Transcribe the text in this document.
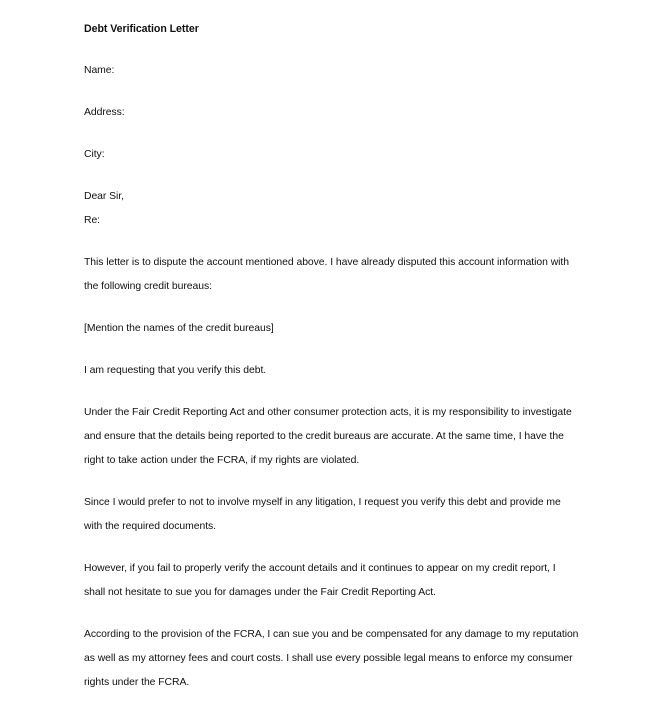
Debt Verification Letter
Name:
Address:
City:
Dear Sir,
Re:
This letter is to dispute the account mentioned above. I have already disputed this account information with
the following credit bureaus:
[Mention the names of the credit bureaus]
I am requesting that you verify this debt.
Under the Fair Credit Reporting Act and other consumer protection acts, it is my responsibility to investigate
and ensure that the details being reported to the credit bureaus are accurate. At the same time, I have the
right to take action under the FCRA, if my rights are violated.
Since I would prefer to not to involve myself in any litigation, I request you verify this debt and provide me
with the required documents.
However, if you fail to properly verify the account details and it continues to appear on my credit report, I
shall not hesitate to sue you for damages under the Fair Credit Reporting Act.
According to the provision of the FCRA, I can sue you and be compensated for any damage to my reputation
as well as my attorney fees and court costs. I shall use every possible legal means to enforce my consumer
rights under the FCRA.
